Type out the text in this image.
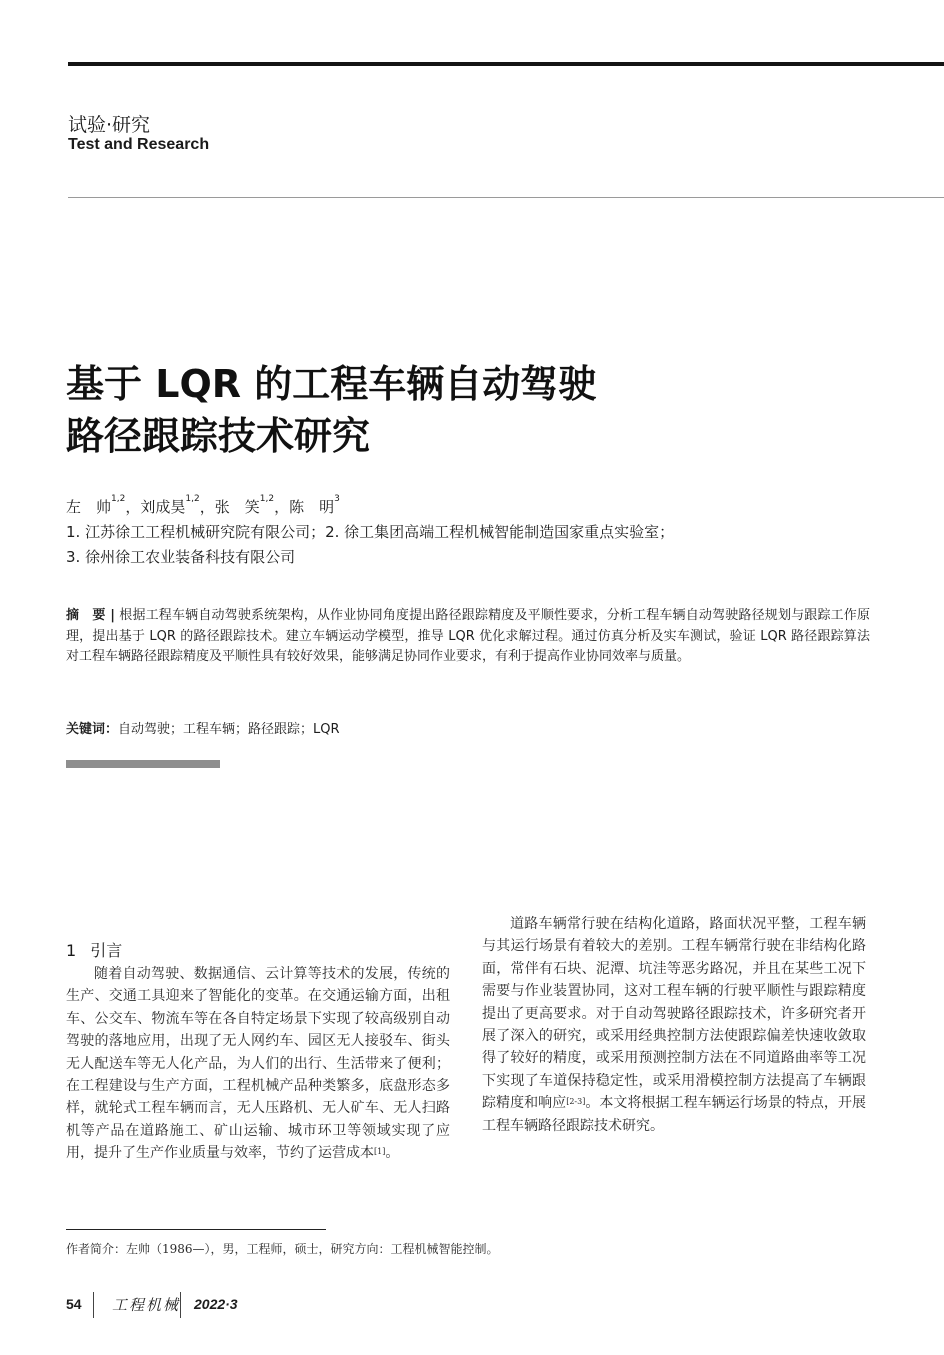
试验·研究
Test and Research
基于 LQR 的工程车辆自动驾驶
路径跟踪技术研究
左　帅$^{1,2}$，刘成昊$^{1,2}$，张　笑$^{1,2}$，陈　明$^3$
1. 江苏徐工工程机械研究院有限公司；2. 徐工集团高端工程机械智能制造国家重点实验室；
3. 徐州徐工农业装备科技有限公司
摘　要 | 根据工程车辆自动驾驶系统架构，从作业协同角度提出路径跟踪精度及平顺性要求，分析工程车辆自动驾驶路径规划与跟踪工作原理，提出基于 LQR 的路径跟踪技术。建立车辆运动学模型，推导 LQR 优化求解过程。通过仿真分析及实车测试，验证 LQR 路径跟踪算法对工程车辆路径跟踪精度及平顺性具有较好效果，能够满足协同作业要求，有利于提高作业协同效率与质量。
关键词：自动驾驶；工程车辆；路径跟踪；LQR
1 引言

随着自动驾驶、数据通信、云计算等技术的发展，传统的生产、交通工具迎来了智能化的变革。在交通运输方面，出租车、公交车、物流车等在各自特定场景下实现了较高级别自动驾驶的落地应用，出现了无人网约车、园区无人接驳车、街头无人配送车等无人化产品，为人们的出行、生活带来了便利；在工程建设与生产方面，工程机械产品种类繁多，底盘形态多样，就轮式工程车辆而言，无人压路机、无人矿车、无人扫路机等产品在道路施工、矿山运输、城市环卫等领域实现了应用，提升了生产作业质量与效率，节约了运营成本[1]。

道路车辆常行驶在结构化道路，路面状况平整，工程车辆与其运行场景有着较大的差别。工程车辆常行驶在非结构化路面，常伴有石块、泥潭、坑洼等恶劣路况，并且在某些工况下需要与作业装置协同，这对工程车辆的行驶平顺性与跟踪精度提出了更高要求。对于自动驾驶路径跟踪技术，许多研究者开展了深入的研究，或采用经典控制方法使跟踪偏差快速收敛取得了较好的精度，或采用预测控制方法在不同道路曲率等工况下实现了车道保持稳定性，或采用滑模控制方法提高了车辆跟踪精度和响应[2-3]。本文将根据工程车辆运行场景的特点，开展工程车辆路径跟踪技术研究。

作者简介：左帅（1986—），男，工程师，硕士，研究方向：工程机械智能控制。
54 工程机械 2022·3
